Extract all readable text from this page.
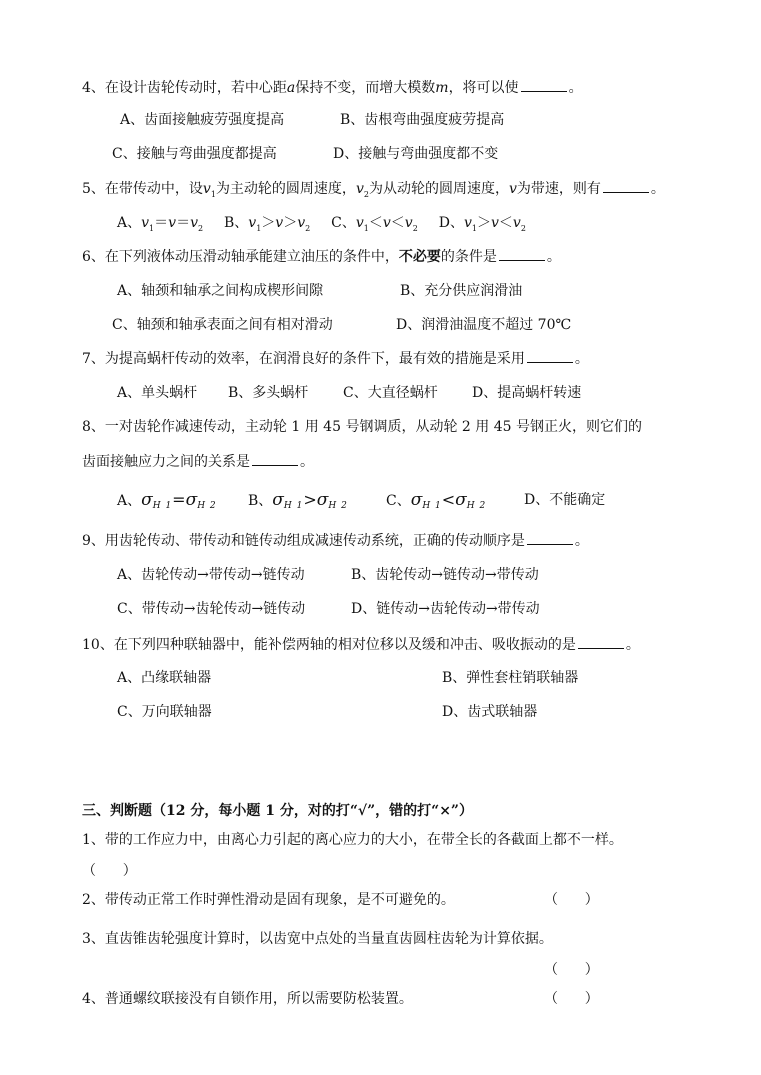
4、在设计齿轮传动时，若中心距a保持不变，而增大模数m，将可以使	。
A、齿面接触疲劳强度提高	B、齿根弯曲强度疲劳提高
C、接触与弯曲强度都提高	D、接触与弯曲强度都不变
5、在带传动中，设$v_1$为主动轮的圆周速度，$v_2$为从动轮的圆周速度，v为带速，则有	。
A、$v_1=v=v_2$ B、$v_1>v>v_2$ C、$v_1<v<v_2$ D、$v_1>v<v_2$
6、在下列液体动压滑动轴承能建立油压的条件中，不必要的条件是	。
A、轴颈和轴承之间构成楔形间隙	B、充分供应润滑油
C、轴颈和轴承表面之间有相对滑动	D、润滑油温度不超过 70℃
7、为提高蜗杆传动的效率，在润滑良好的条件下，最有效的措施是采用	。
A、单头蜗杆 B、多头蜗杆 C、大直径蜗杆 D、提高蜗杆转速
8、一对齿轮作减速传动，主动轮 1 用 45 号钢调质，从动轮 2 用 45 号钢正火，则它们的
齿面接触应力之间的关系是	。
A、$\sigma_{H 1}=\sigma_{H 2}$ B、$\sigma_{H 1}>\sigma_{H 2}$	C、$\sigma_{H 1}<\sigma_{H 2}$	D、不能确定
9、用齿轮传动、带传动和链传动组成减速传动系统，正确的传动顺序是	。
A、齿轮传动→带传动→链传动	B、齿轮传动→链传动→带传动
C、带传动→齿轮传动→链传动	D、链传动→齿轮传动→带传动
10、在下列四种联轴器中，能补偿两轴的相对位移以及缓和冲击、吸收振动的是	。
A、凸缘联轴器	B、弹性套柱销联轴器
C、万向联轴器	D、齿式联轴器
三、判断题（12 分，每小题 1 分，对的打“√”，错的打“×”）
1、带的工作应力中，由离心力引起的离心应力的大小，在带全长的各截面上都不一样。
（      ）
2、带传动正常工作时弹性滑动是固有现象，是不可避免的。	（      ）
3、直齿锥齿轮强度计算时，以齿宽中点处的当量直齿圆柱齿轮为计算依据。
（      ）
4、普通螺纹联接没有自锁作用，所以需要防松装置。	（      ）
